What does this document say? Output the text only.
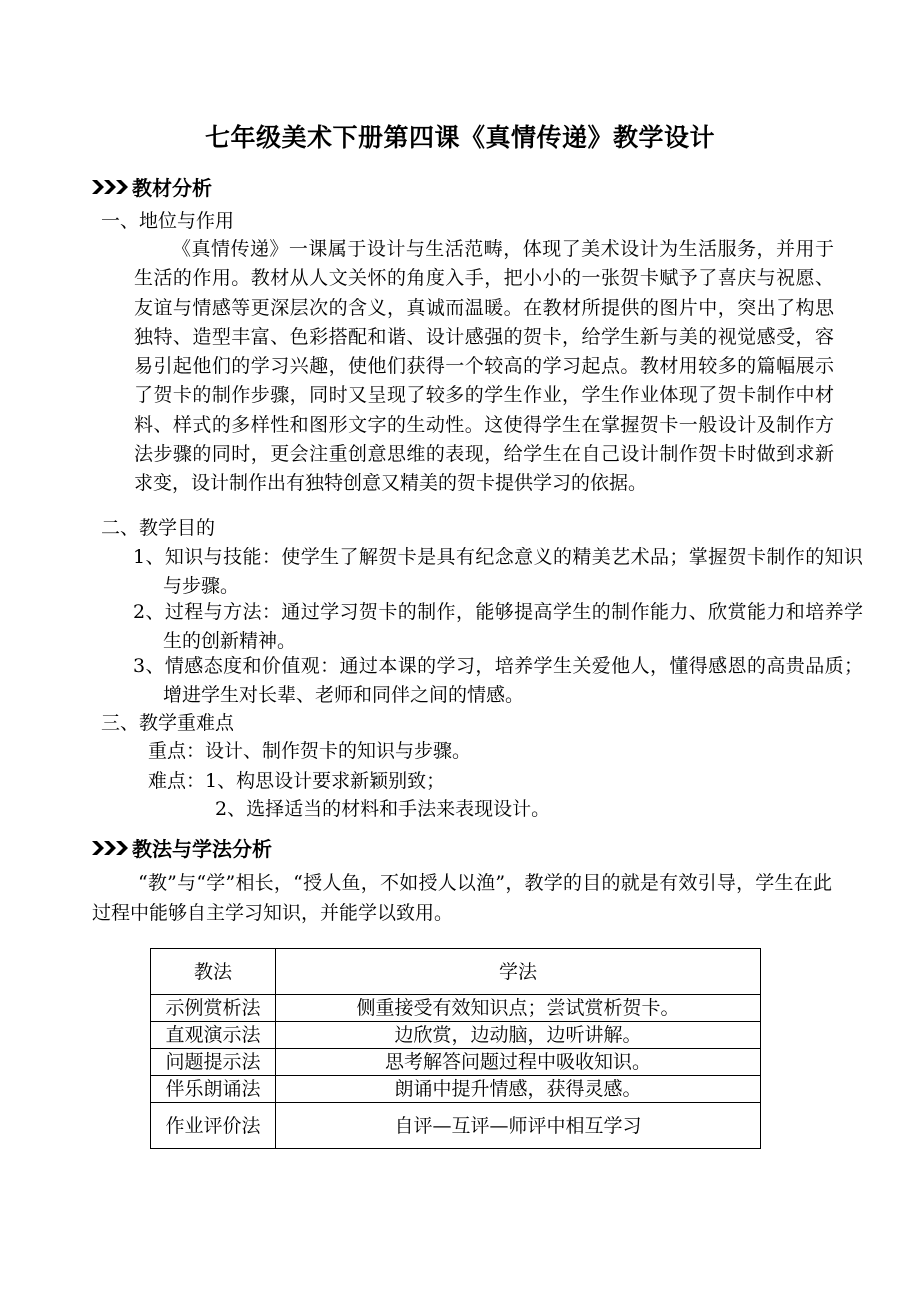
七年级美术下册第四课《真情传递》教学设计
教材分析
一、地位与作用
《真情传递》一课属于设计与生活范畴，体现了美术设计为生活服务，并用于生活的作用。教材从人文关怀的角度入手，把小小的一张贺卡赋予了喜庆与祝愿、友谊与情感等更深层次的含义，真诚而温暖。在教材所提供的图片中，突出了构思独特、造型丰富、色彩搭配和谐、设计感强的贺卡，给学生新与美的视觉感受，容易引起他们的学习兴趣，使他们获得一个较高的学习起点。教材用较多的篇幅展示了贺卡的制作步骤，同时又呈现了较多的学生作业，学生作业体现了贺卡制作中材料、样式的多样性和图形文字的生动性。这使得学生在掌握贺卡一般设计及制作方法步骤的同时，更会注重创意思维的表现，给学生在自己设计制作贺卡时做到求新求变，设计制作出有独特创意又精美的贺卡提供学习的依据。
二、教学目的
1、知识与技能：使学生了解贺卡是具有纪念意义的精美艺术品；掌握贺卡制作的知识与步骤。
2、过程与方法：通过学习贺卡的制作，能够提高学生的制作能力、欣赏能力和培养学生的创新精神。
3、情感态度和价值观：通过本课的学习，培养学生关爱他人，懂得感恩的高贵品质；增进学生对长辈、老师和同伴之间的情感。
三、教学重难点
重点：设计、制作贺卡的知识与步骤。
难点：1、构思设计要求新颖别致；
2、选择适当的材料和手法来表现设计。
教法与学法分析
“教”与“学”相长，“授人鱼，不如授人以渔”，教学的目的就是有效引导，学生在此过程中能够自主学习知识，并能学以致用。
教法	学法
示例赏析法	侧重接受有效知识点；尝试赏析贺卡。
直观演示法	边欣赏，边动脑，边听讲解。
问题提示法	思考解答问题过程中吸收知识。
伴乐朗诵法	朗诵中提升情感，获得灵感。
作业评价法	自评—互评—师评中相互学习
